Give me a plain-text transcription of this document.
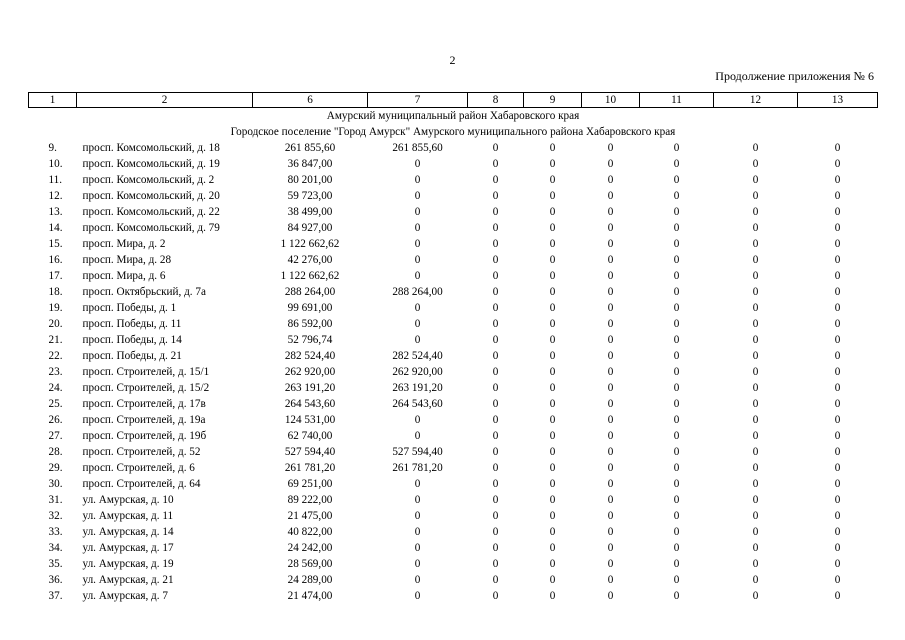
2
Продолжение приложения № 6
1	2	6	7	8	9	10	11	12	13
Амурский муниципальный район Хабаровского края									
Городское поселение "Город Амурск" Амурского муниципального района Хабаровского края									
9.	просп. Комсомольский, д. 18	261 855,60	261 855,60	0	0	0	0	0	0
10.	просп. Комсомольский, д. 19	36 847,00	0	0	0	0	0	0	0
11.	просп. Комсомольский, д. 2	80 201,00	0	0	0	0	0	0	0
12.	просп. Комсомольский, д. 20	59 723,00	0	0	0	0	0	0	0
13.	просп. Комсомольский, д. 22	38 499,00	0	0	0	0	0	0	0
14.	просп. Комсомольский, д. 79	84 927,00	0	0	0	0	0	0	0
15.	просп. Мира, д. 2	1 122 662,62	0	0	0	0	0	0	0
16.	просп. Мира, д. 28	42 276,00	0	0	0	0	0	0	0
17.	просп. Мира, д. 6	1 122 662,62	0	0	0	0	0	0	0
18.	просп. Октябрьский, д. 7а	288 264,00	288 264,00	0	0	0	0	0	0
19.	просп. Победы, д. 1	99 691,00	0	0	0	0	0	0	0
20.	просп. Победы, д. 11	86 592,00	0	0	0	0	0	0	0
21.	просп. Победы, д. 14	52 796,74	0	0	0	0	0	0	0
22.	просп. Победы, д. 21	282 524,40	282 524,40	0	0	0	0	0	0
23.	просп. Строителей, д. 15/1	262 920,00	262 920,00	0	0	0	0	0	0
24.	просп. Строителей, д. 15/2	263 191,20	263 191,20	0	0	0	0	0	0
25.	просп. Строителей, д. 17в	264 543,60	264 543,60	0	0	0	0	0	0
26.	просп. Строителей, д. 19а	124 531,00	0	0	0	0	0	0	0
27.	просп. Строителей, д. 19б	62 740,00	0	0	0	0	0	0	0
28.	просп. Строителей, д. 52	527 594,40	527 594,40	0	0	0	0	0	0
29.	просп. Строителей, д. 6	261 781,20	261 781,20	0	0	0	0	0	0
30.	просп. Строителей, д. 64	69 251,00	0	0	0	0	0	0	0
31.	ул. Амурская, д. 10	89 222,00	0	0	0	0	0	0	0
32.	ул. Амурская, д. 11	21 475,00	0	0	0	0	0	0	0
33.	ул. Амурская, д. 14	40 822,00	0	0	0	0	0	0	0
34.	ул. Амурская, д. 17	24 242,00	0	0	0	0	0	0	0
35.	ул. Амурская, д. 19	28 569,00	0	0	0	0	0	0	0
36.	ул. Амурская, д. 21	24 289,00	0	0	0	0	0	0	0
37.	ул. Амурская, д. 7	21 474,00	0	0	0	0	0	0	0
